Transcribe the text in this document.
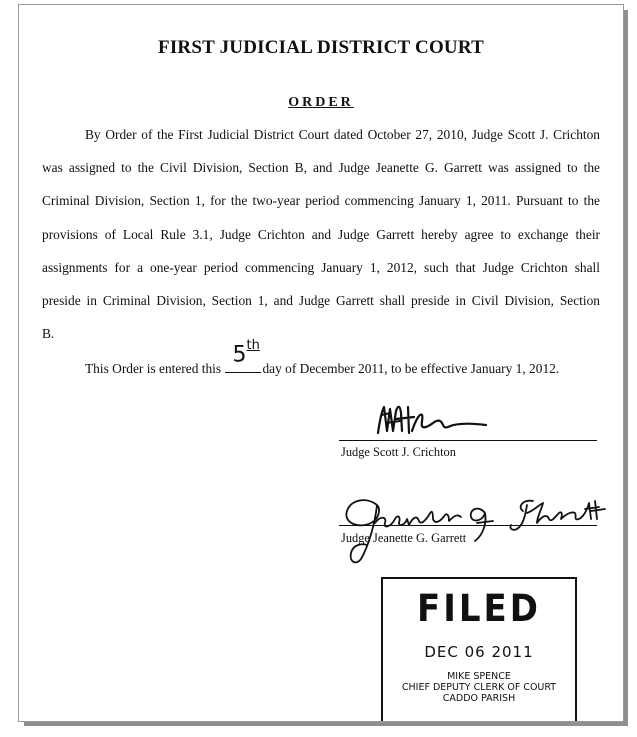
FIRST JUDICIAL DISTRICT COURT
ORDER
By Order of the First Judicial District Court dated October 27, 2010, Judge Scott J. Crichton
was assigned to the Civil Division, Section B, and Judge Jeanette G. Garrett was assigned to the
Criminal Division, Section 1, for the two-year period commencing January 1, 2011. Pursuant to the
provisions of Local Rule 3.1, Judge Crichton and Judge Garrett hereby agree to exchange their
assignments for a one-year period commencing January 1, 2012, such that Judge Crichton shall
preside in Criminal Division, Section 1, and Judge Garrett shall preside in Civil Division, Section
B.
This Order is entered this
5th
day of December 2011, to be effective January 1, 2012.
Judge Scott J. Crichton
Judge Jeanette G. Garrett
FILED
DEC 06 2011
MIKE SPENCE
CHIEF DEPUTY CLERK OF COURT
CADDO PARISH
